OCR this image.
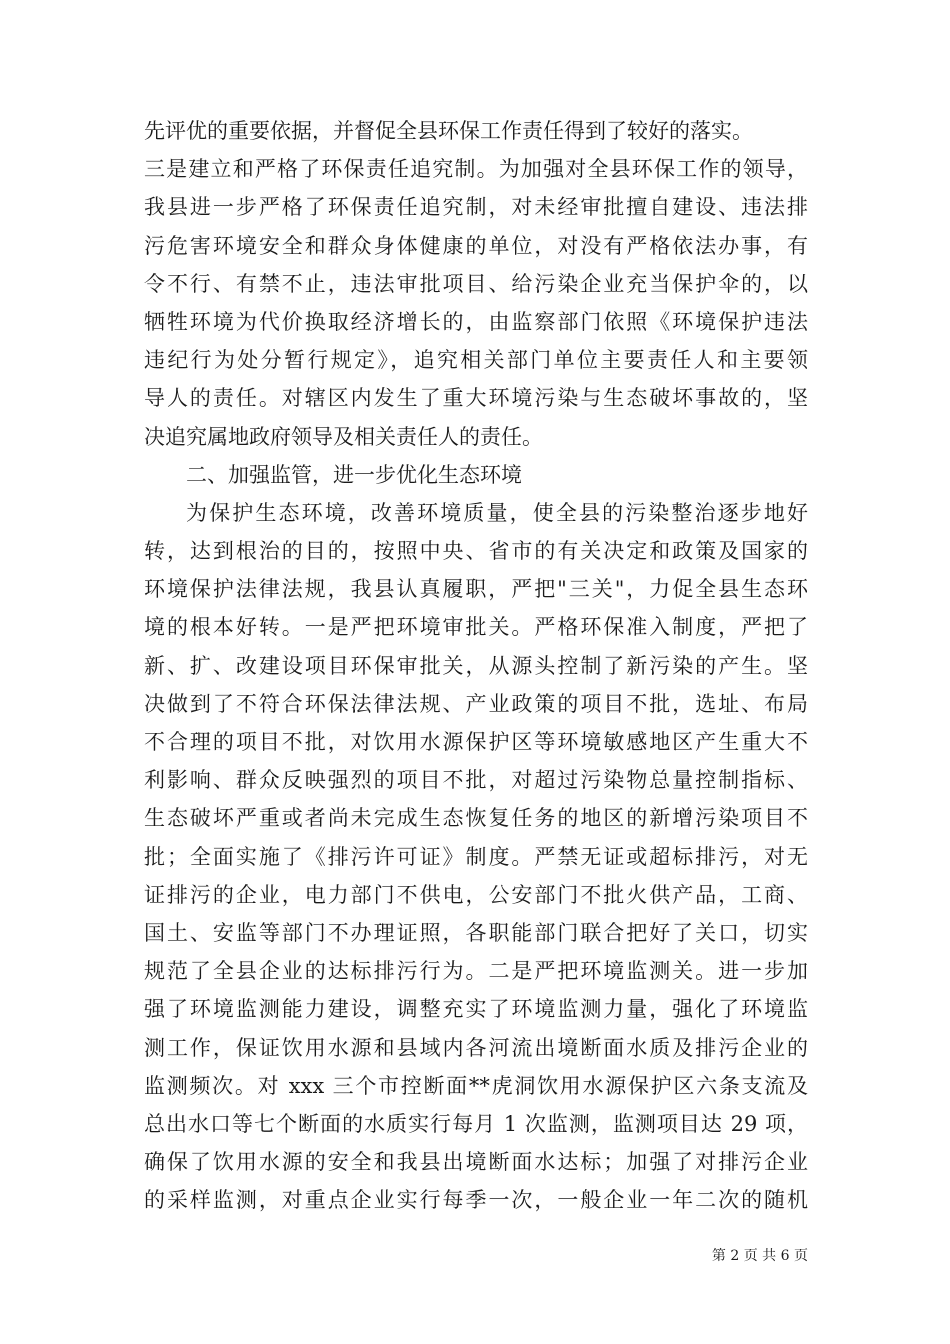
先评优的重要依据，并督促全县环保工作责任得到了较好的落实。
三是建立和严格了环保责任追究制。为加强对全县环保工作的领导，
我县进一步严格了环保责任追究制，对未经审批擅自建设、违法排
污危害环境安全和群众身体健康的单位，对没有严格依法办事，有
令不行、有禁不止，违法审批项目、给污染企业充当保护伞的，以
牺牲环境为代价换取经济增长的，由监察部门依照《环境保护违法
违纪行为处分暂行规定》，追究相关部门单位主要责任人和主要领
导人的责任。对辖区内发生了重大环境污染与生态破坏事故的，坚
决追究属地政府领导及相关责任人的责任。
二、加强监管，进一步优化生态环境
为保护生态环境，改善环境质量，使全县的污染整治逐步地好
转，达到根治的目的，按照中央、省市的有关决定和政策及国家的
环境保护法律法规，我县认真履职，严把"三关"，力促全县生态环
境的根本好转。一是严把环境审批关。严格环保准入制度，严把了
新、扩、改建设项目环保审批关，从源头控制了新污染的产生。坚
决做到了不符合环保法律法规、产业政策的项目不批，选址、布局
不合理的项目不批，对饮用水源保护区等环境敏感地区产生重大不
利影响、群众反映强烈的项目不批，对超过污染物总量控制指标、
生态破坏严重或者尚未完成生态恢复任务的地区的新增污染项目不
批；全面实施了《排污许可证》制度。严禁无证或超标排污，对无
证排污的企业，电力部门不供电，公安部门不批火供产品，工商、
国土、安监等部门不办理证照，各职能部门联合把好了关口，切实
规范了全县企业的达标排污行为。二是严把环境监测关。进一步加
强了环境监测能力建设，调整充实了环境监测力量，强化了环境监
测工作，保证饮用水源和县域内各河流出境断面水质及排污企业的
监测频次。对 xxx 三个市控断面**虎洞饮用水源保护区六条支流及
总出水口等七个断面的水质实行每月 1 次监测，监测项目达 29 项，
确保了饮用水源的安全和我县出境断面水达标；加强了对排污企业
的采样监测，对重点企业实行每季一次，一般企业一年二次的随机
第 2 页 共 6 页
